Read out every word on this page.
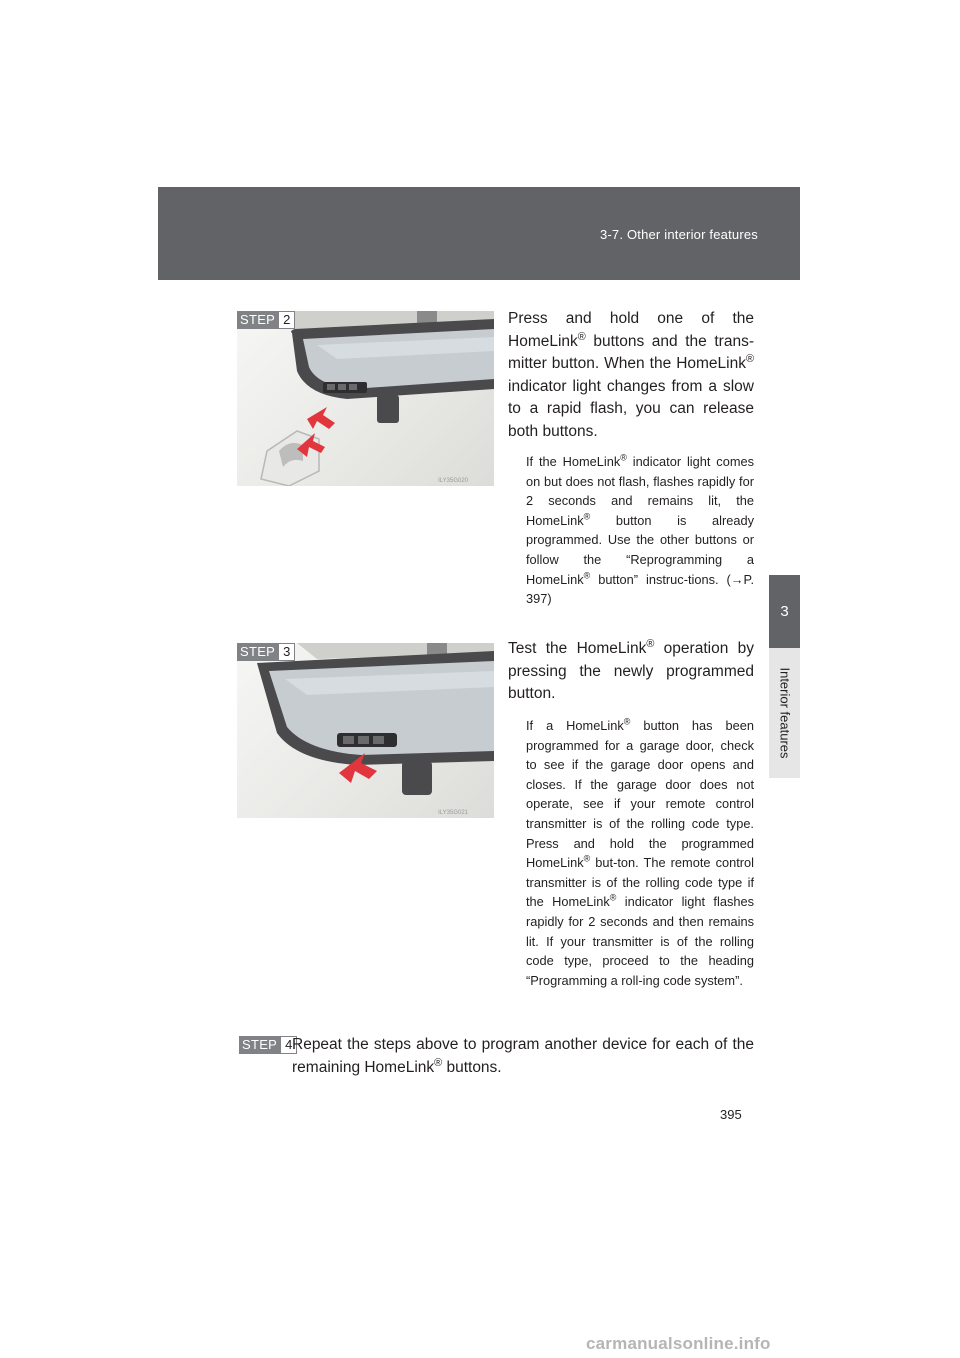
3-7. Other interior features
3
Interior features
STEP 2
ILY35G020
Press and hold one of the HomeLink® buttons and the trans-mitter button. When the HomeLink® indicator light changes from a slow to a rapid flash, you can release both buttons.
If the HomeLink® indicator light comes on but does not flash, flashes rapidly for 2 seconds and remains lit, the HomeLink® button is already programmed. Use the other buttons or follow the “Reprogramming a HomeLink® button” instruc-tions. (→P. 397)
STEP 3
ILY35G021
Test the HomeLink® operation by pressing the newly programmed button.
If a HomeLink® button has been programmed for a garage door, check to see if the garage door opens and closes. If the garage door does not operate, see if your remote control transmitter is of the rolling code type. Press and hold the programmed HomeLink® but-ton. The remote control transmitter is of the rolling code type if the HomeLink® indicator light flashes rapidly for 2 seconds and then remains lit. If your transmitter is of the rolling code type, proceed to the heading “Programming a roll-ing code system”.
STEP 4 Repeat the steps above to program another device for each of the remaining HomeLink® buttons.
395
carmanualsonline.info
